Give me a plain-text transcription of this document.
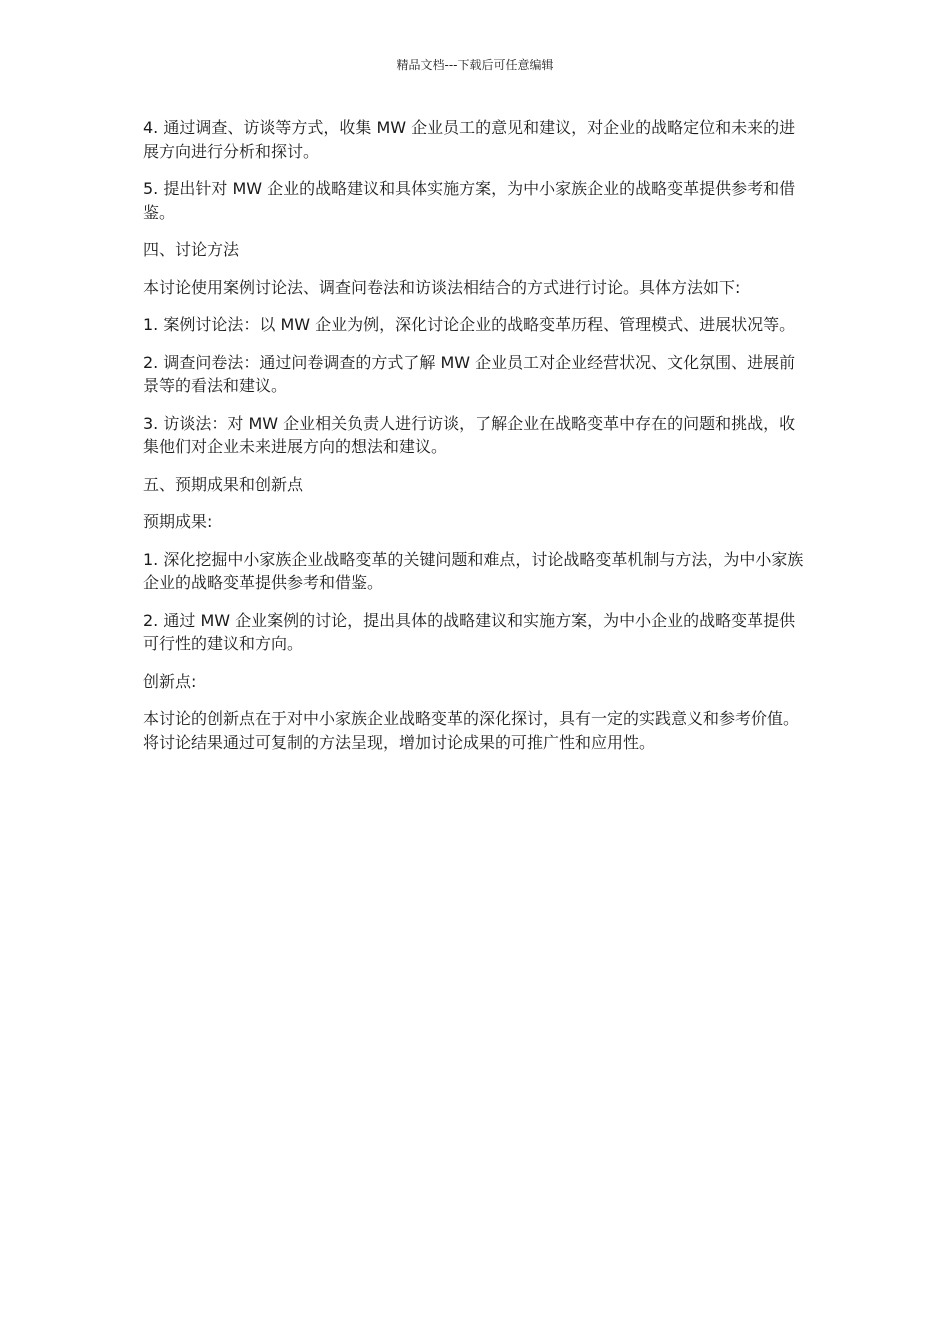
精品文档---下载后可任意编辑

4. 通过调查、访谈等方式，收集 MW 企业员工的意见和建议，对企业的战略定位和未来的进展方向进行分析和探讨。

5. 提出针对 MW 企业的战略建议和具体实施方案，为中小家族企业的战略变革提供参考和借鉴。

四、讨论方法

本讨论使用案例讨论法、调查问卷法和访谈法相结合的方式进行讨论。具体方法如下:

1. 案例讨论法：以 MW 企业为例，深化讨论企业的战略变革历程、管理模式、进展状况等。

2. 调查问卷法：通过问卷调查的方式了解 MW 企业员工对企业经营状况、文化氛围、进展前景等的看法和建议。

3. 访谈法：对 MW 企业相关负责人进行访谈，了解企业在战略变革中存在的问题和挑战，收集他们对企业未来进展方向的想法和建议。

五、预期成果和创新点

预期成果:

1. 深化挖掘中小家族企业战略变革的关键问题和难点，讨论战略变革机制与方法，为中小家族企业的战略变革提供参考和借鉴。

2. 通过 MW 企业案例的讨论，提出具体的战略建议和实施方案，为中小企业的战略变革提供可行性的建议和方向。

创新点:

本讨论的创新点在于对中小家族企业战略变革的深化探讨，具有一定的实践意义和参考价值。将讨论结果通过可复制的方法呈现，增加讨论成果的可推广性和应用性。
